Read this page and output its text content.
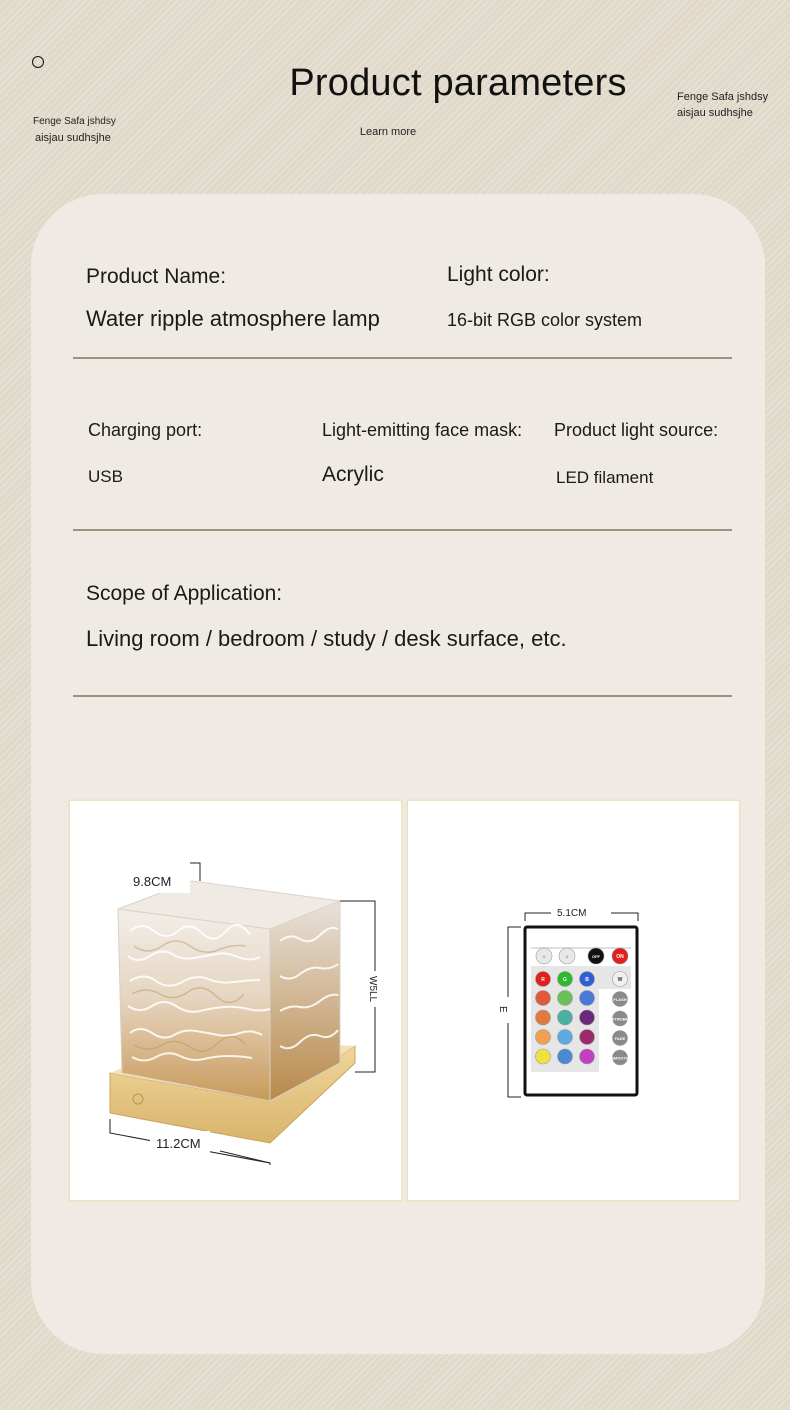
Fenge Safa jshdsy
aisjau sudhsjhe
Product parameters
Learn more
Fenge Safa jshdsy
aisjau sudhsjhe
Product Name:
Water ripple atmosphere lamp
Light color:
16-bit RGB color system
Charging port:
USB
Light-emitting face mask:
Acrylic
Product light source:
LED filament
Scope of Application:
Living room / bedroom / study / desk surface, etc.
9.8CM
W5LL
11.2CM
5.1CM
E
☼	☼	OFF	ON
R	G	B	W
FLASH
STROBE
FADE
SMOOTH
